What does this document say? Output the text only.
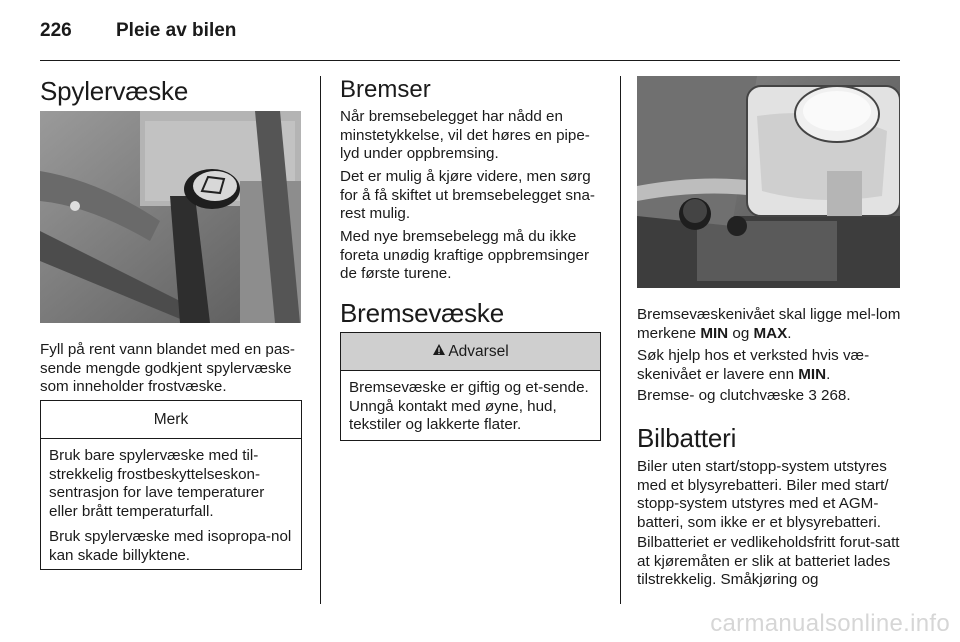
226 Pleie av bilen
Spylervæske

Fyll på rent vann blandet med en pas-sende mengde godkjent spylervæske som inneholder frostvæske.

Merk

Bruk bare spylervæske med til-strekkelig frostbeskyttelseskon-sentrasjon for lave temperaturer eller brått temperaturfall.

Bruk spylervæske med isopropa-nol kan skade billyktene.

Bremser

Når bremsebelegget har nådd en minstetykkelse, vil det høres en pipe-lyd under oppbremsing.

Det er mulig å kjøre videre, men sørg for å få skiftet ut bremsebelegget sna-rest mulig.

Med nye bremsebelegg må du ikke foreta unødig kraftige oppbremsinger de første turene.

Bremsevæske
Advarsel

Bremsevæske er giftig og et-sende. Unngå kontakt med øyne, hud, tekstiler og lakkerte flater.

Bremsevæskenivået skal ligge mel-lom merkene MIN og MAX.

Søk hjelp hos et verksted hvis væ-skenivået er lavere enn MIN.

Bremse- og clutchvæske 3 268.

Bilbatteri

Biler uten start/stopp-system utstyres med et blysyrebatteri. Biler med start/ stopp-system utstyres med et AGM-batteri, som ikke er et blysyrebatteri.

Bilbatteriet er vedlikeholdsfritt forut-satt at kjøremåten er slik at batteriet lades tilstrekkelig. Småkjøring og

carmanualsonline.info
